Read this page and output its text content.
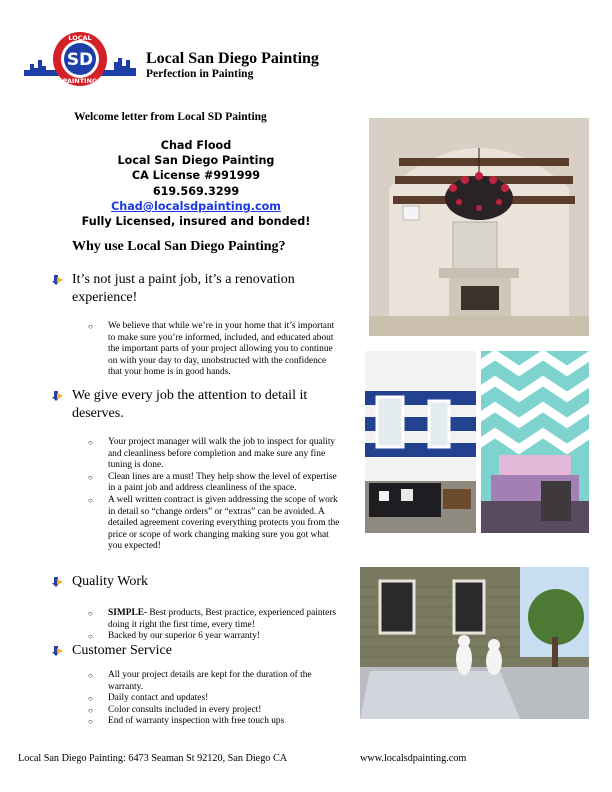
SD
LOCAL
PAINTING
Local San Diego Painting
Perfection in Painting
Welcome letter from Local SD Painting
Chad Flood
Local San Diego Painting
CA License #991999
619.569.3299
Chad@localsdpainting.com
Fully Licensed, insured and bonded!
Why use Local San Diego Painting?
It’s not just a paint job, it’s a renovation experience!
○ We believe that while we’re in your home that it’s important to make sure you’re informed, included, and educated about the important parts of your project allowing you to continue on with your day to day, unobstructed with the confidence that your home is in good hands.
We give every job the attention to detail it deserves.
○ Your project manager will walk the job to inspect for quality and cleanliness before completion and make sure any fine tuning is done.
○ Clean lines are a must! They help show the level of expertise in a paint job and address cleanliness of the space.
○ A well written contract is given addressing the scope of work in detail so “change orders” or “extras” can be avoided. A detailed agreement covering everything protects you from the price or scope of work changing making sure you got what you expected!
Quality Work
○ SIMPLE- Best products, Best practice, experienced painters doing it right the first time, every time!
○ Backed by our superior 6 year warranty!
Customer Service
○ All your project details are kept for the duration of the warranty.
○ Daily contact and updates!
○ Color consults included in every project!
○ End of warranty inspection with free touch ups
Local San Diego Painting: 6473 Seaman St 92120, San Diego CA	www.localsdpainting.com
